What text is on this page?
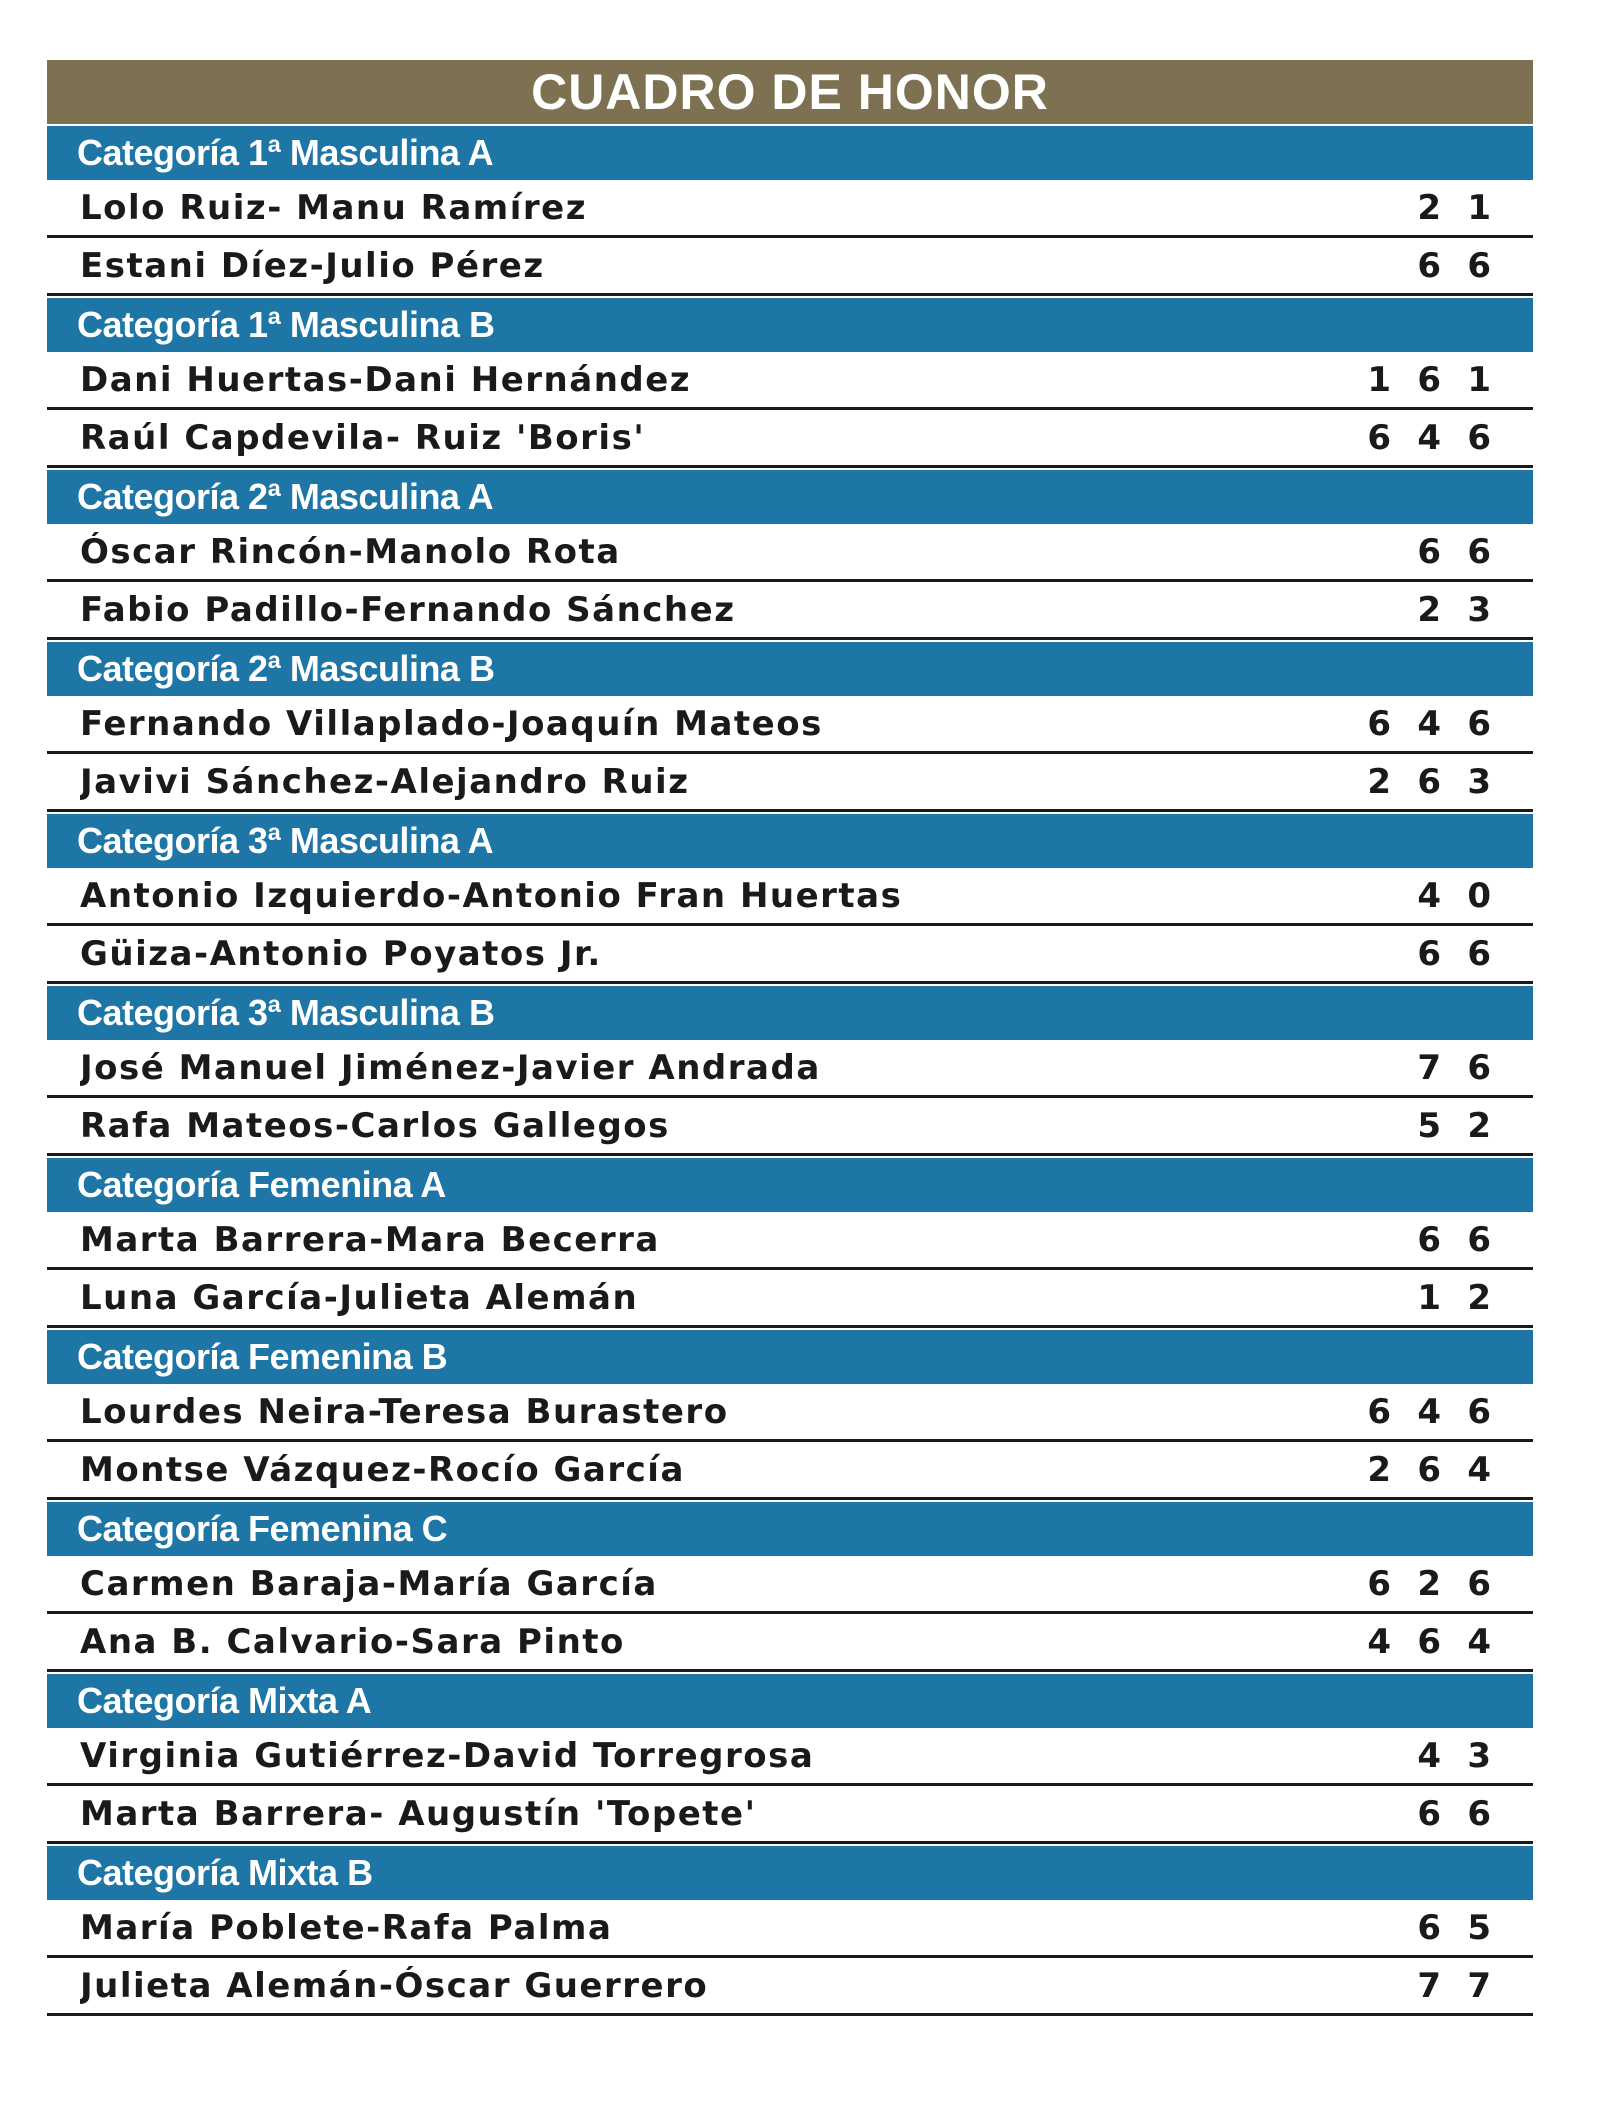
CUADRO DE HONOR
Categoría 1ª Masculina A
Lolo Ruiz- Manu Ramírez	2 1
Estani Díez-Julio Pérez	6 6
Categoría 1ª Masculina B
Dani Huertas-Dani Hernández	1 6 1
Raúl Capdevila- Ruiz 'Boris'	6 4 6
Categoría 2ª Masculina A
Óscar Rincón-Manolo Rota	6 6
Fabio Padillo-Fernando Sánchez	2 3
Categoría 2ª Masculina B
Fernando Villaplado-Joaquín Mateos	6 4 6
Javivi Sánchez-Alejandro Ruiz	2 6 3
Categoría 3ª Masculina A
Antonio Izquierdo-Antonio Fran Huertas	4 0
Güiza-Antonio Poyatos Jr.	6 6
Categoría 3ª Masculina B
José Manuel Jiménez-Javier Andrada	7 6
Rafa Mateos-Carlos Gallegos	5 2
Categoría Femenina A
Marta Barrera-Mara Becerra	6 6
Luna García-Julieta Alemán	1 2
Categoría Femenina B
Lourdes Neira-Teresa Burastero	6 4 6
Montse Vázquez-Rocío García	2 6 4
Categoría Femenina C
Carmen Baraja-María García	6 2 6
Ana B. Calvario-Sara Pinto	4 6 4
Categoría Mixta A
Virginia Gutiérrez-David Torregrosa	4 3
Marta Barrera- Augustín 'Topete'	6 6
Categoría Mixta B
María Poblete-Rafa Palma	6 5
Julieta Alemán-Óscar Guerrero	7 7
